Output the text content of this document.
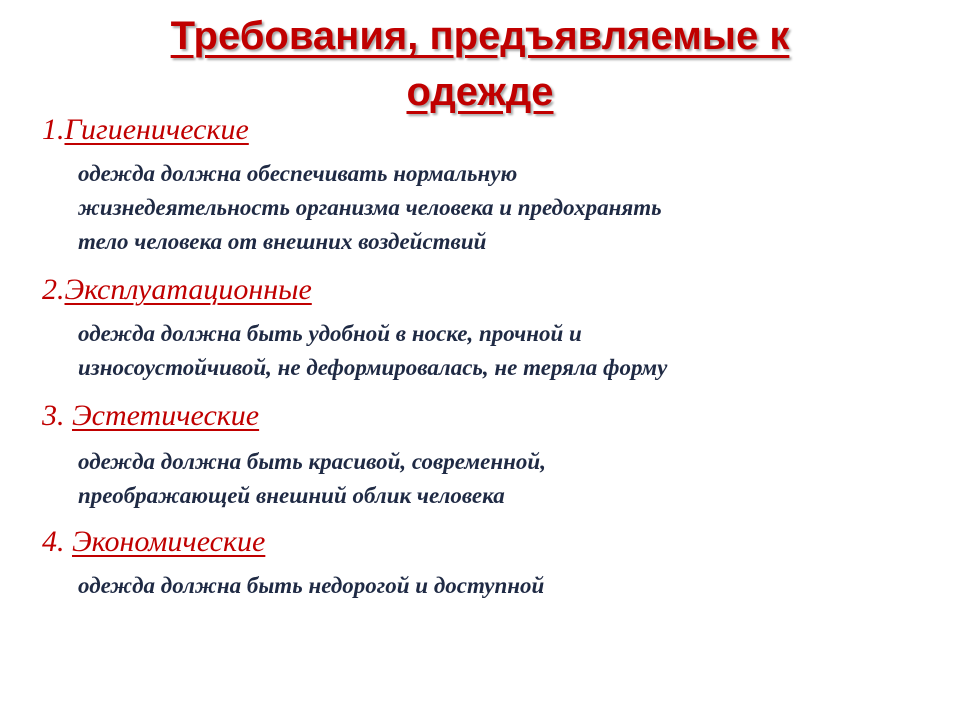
Требования, предъявляемые к
одежде
1.Гигиенические
одежда должна обеспечивать нормальную
жизнедеятельность организма человека и предохранять
тело человека от внешних воздействий
2.Эксплуатационные
одежда должна быть удобной в носке, прочной и
износоустойчивой, не деформировалась, не теряла форму
3. Эстетические
одежда должна быть красивой, современной,
преображающей внешний облик человека
4. Экономические
одежда должна быть недорогой и доступной
